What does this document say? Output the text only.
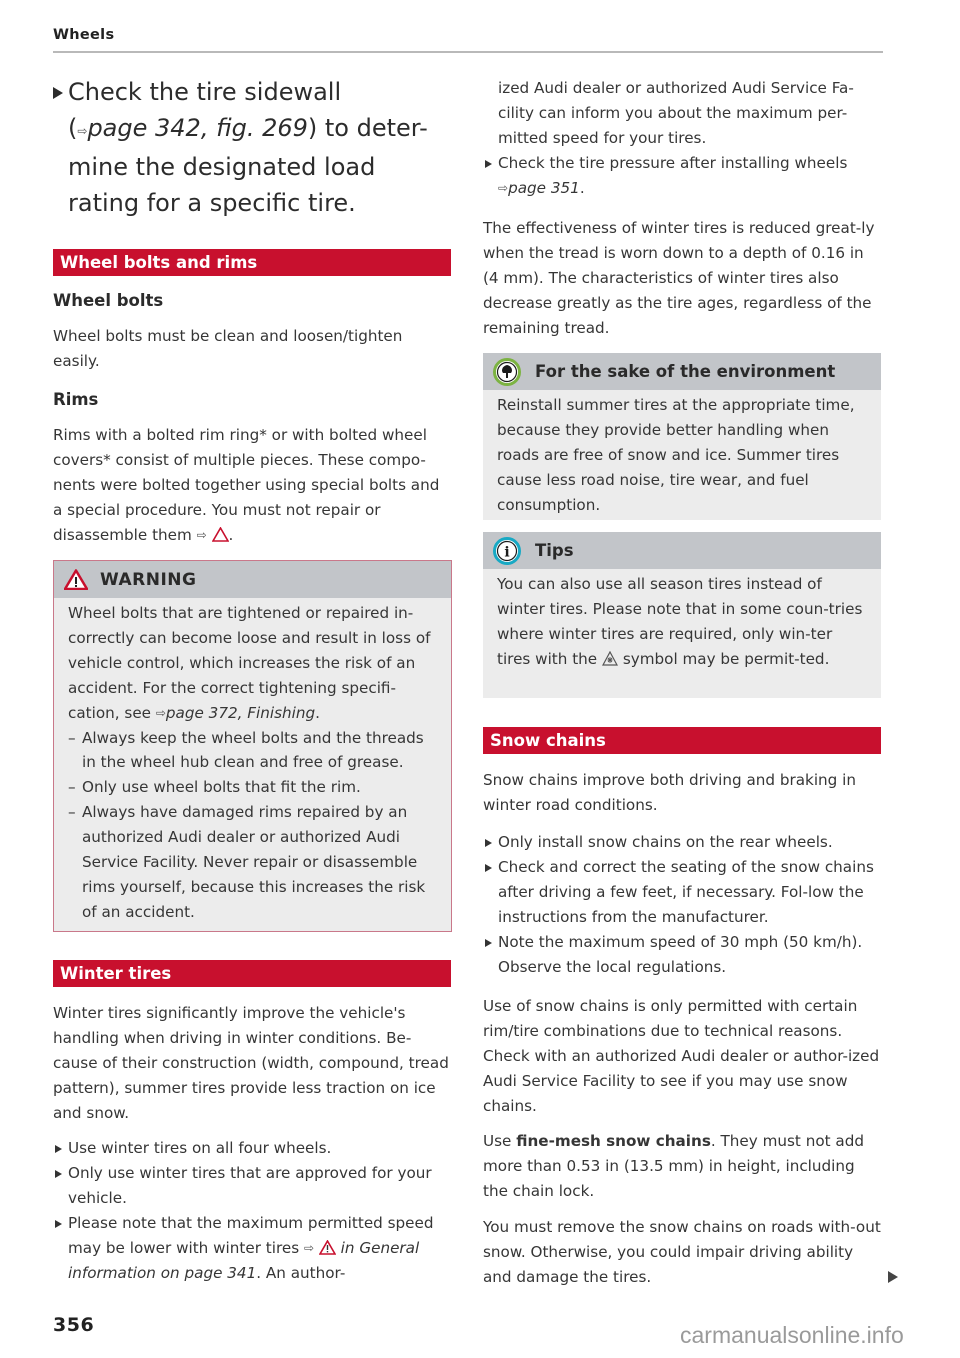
Wheels
Check the tire sidewall
(⇨page 342, fig. 269) to deter-mine the designated load rating for a specific tire.
Wheel bolts and rims
Wheel bolts
Wheel bolts must be clean and loosen/tighten easily.
Rims
Rims with a bolted rim ring* or with bolted wheel covers* consist of multiple pieces. These compo-nents were bolted together using special bolts and a special procedure. You must not repair or disassemble them ⇨ .
WARNING
Wheel bolts that are tightened or repaired in-correctly can become loose and result in loss of vehicle control, which increases the risk of an accident. For the correct tightening specifi-cation, see ⇨page 372, Finishing.
– Always keep the wheel bolts and the threads in the wheel hub clean and free of grease.
– Only use wheel bolts that fit the rim.
– Always have damaged rims repaired by an authorized Audi dealer or authorized Audi Service Facility. Never repair or disassemble rims yourself, because this increases the risk of an accident.
Winter tires
Winter tires significantly improve the vehicle's handling when driving in winter conditions. Be-cause of their construction (width, compound, tread pattern), summer tires provide less traction on ice and snow.
Use winter tires on all four wheels.
Only use winter tires that are approved for your vehicle.
Please note that the maximum permitted speed may be lower with winter tires ⇨ in General information on page 341. An author-
ized Audi dealer or authorized Audi Service Fa-cility can inform you about the maximum per-mitted speed for your tires.
Check the tire pressure after installing wheels
⇨page 351.
The effectiveness of winter tires is reduced great-ly when the tread is worn down to a depth of 0.16 in (4 mm). The characteristics of winter tires also decrease greatly as the tire ages, regardless of the remaining tread.
For the sake of the environment
Reinstall summer tires at the appropriate time, because they provide better handling when roads are free of snow and ice. Summer tires cause less road noise, tire wear, and fuel consumption.
i Tips
You can also use all season tires instead of winter tires. Please note that in some coun-tries where winter tires are required, only win-ter tires with the symbol may be permit-ted.
Snow chains
Snow chains improve both driving and braking in winter road conditions.
Only install snow chains on the rear wheels.
Check and correct the seating of the snow chains after driving a few feet, if necessary. Fol-low the instructions from the manufacturer.
Note the maximum speed of 30 mph (50 km/h). Observe the local regulations.
Use of snow chains is only permitted with certain rim/tire combinations due to technical reasons. Check with an authorized Audi dealer or author-ized Audi Service Facility to see if you may use snow chains.
Use fine-mesh snow chains. They must not add more than 0.53 in (13.5 mm) in height, including the chain lock.
You must remove the snow chains on roads with-out snow. Otherwise, you could impair driving ability and damage the tires.
356	carmanualsonline.info
